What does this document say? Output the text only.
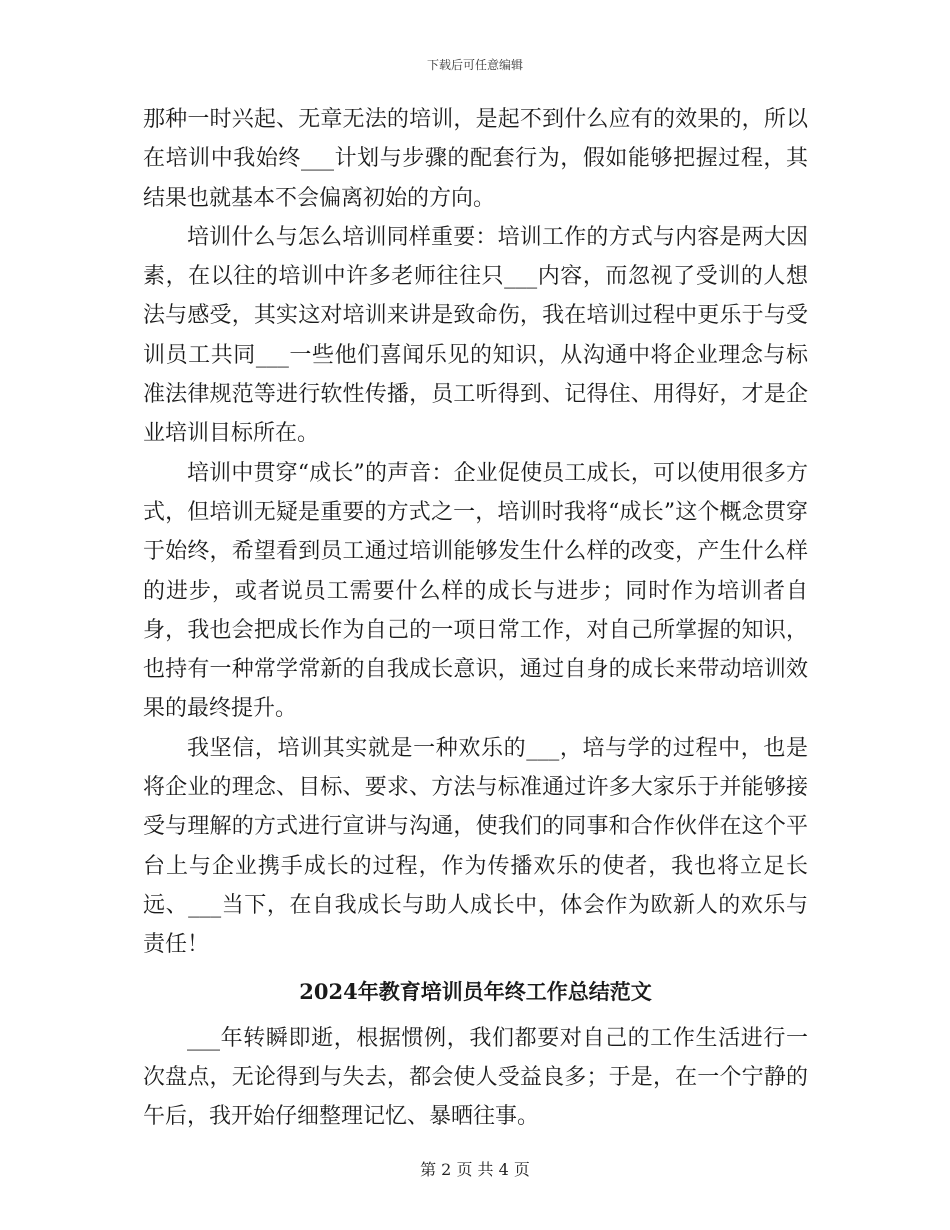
下载后可任意编辑

那种一时兴起、无章无法的培训，是起不到什么应有的效果的，所以在培训中我始终___计划与步骤的配套行为，假如能够把握过程，其结果也就基本不会偏离初始的方向。

培训什么与怎么培训同样重要：培训工作的方式与内容是两大因素，在以往的培训中许多老师往往只___内容，而忽视了受训的人想法与感受，其实这对培训来讲是致命伤，我在培训过程中更乐于与受训员工共同___一些他们喜闻乐见的知识，从沟通中将企业理念与标准法律规范等进行软性传播，员工听得到、记得住、用得好，才是企业培训目标所在。

培训中贯穿“成长”的声音：企业促使员工成长，可以使用很多方式，但培训无疑是重要的方式之一，培训时我将“成长”这个概念贯穿于始终，希望看到员工通过培训能够发生什么样的改变，产生什么样的进步，或者说员工需要什么样的成长与进步；同时作为培训者自身，我也会把成长作为自己的一项日常工作，对自己所掌握的知识，也持有一种常学常新的自我成长意识，通过自身的成长来带动培训效果的最终提升。

我坚信，培训其实就是一种欢乐的___，培与学的过程中，也是将企业的理念、目标、要求、方法与标准通过许多大家乐于并能够接受与理解的方式进行宣讲与沟通，使我们的同事和合作伙伴在这个平台上与企业携手成长的过程，作为传播欢乐的使者，我也将立足长远、___当下，在自我成长与助人成长中，体会作为欧新人的欢乐与责任！

2024年教育培训员年终工作总结范文

___年转瞬即逝，根据惯例，我们都要对自己的工作生活进行一次盘点，无论得到与失去，都会使人受益良多；于是，在一个宁静的午后，我开始仔细整理记忆、暴晒往事。

第 2 页 共 4 页
